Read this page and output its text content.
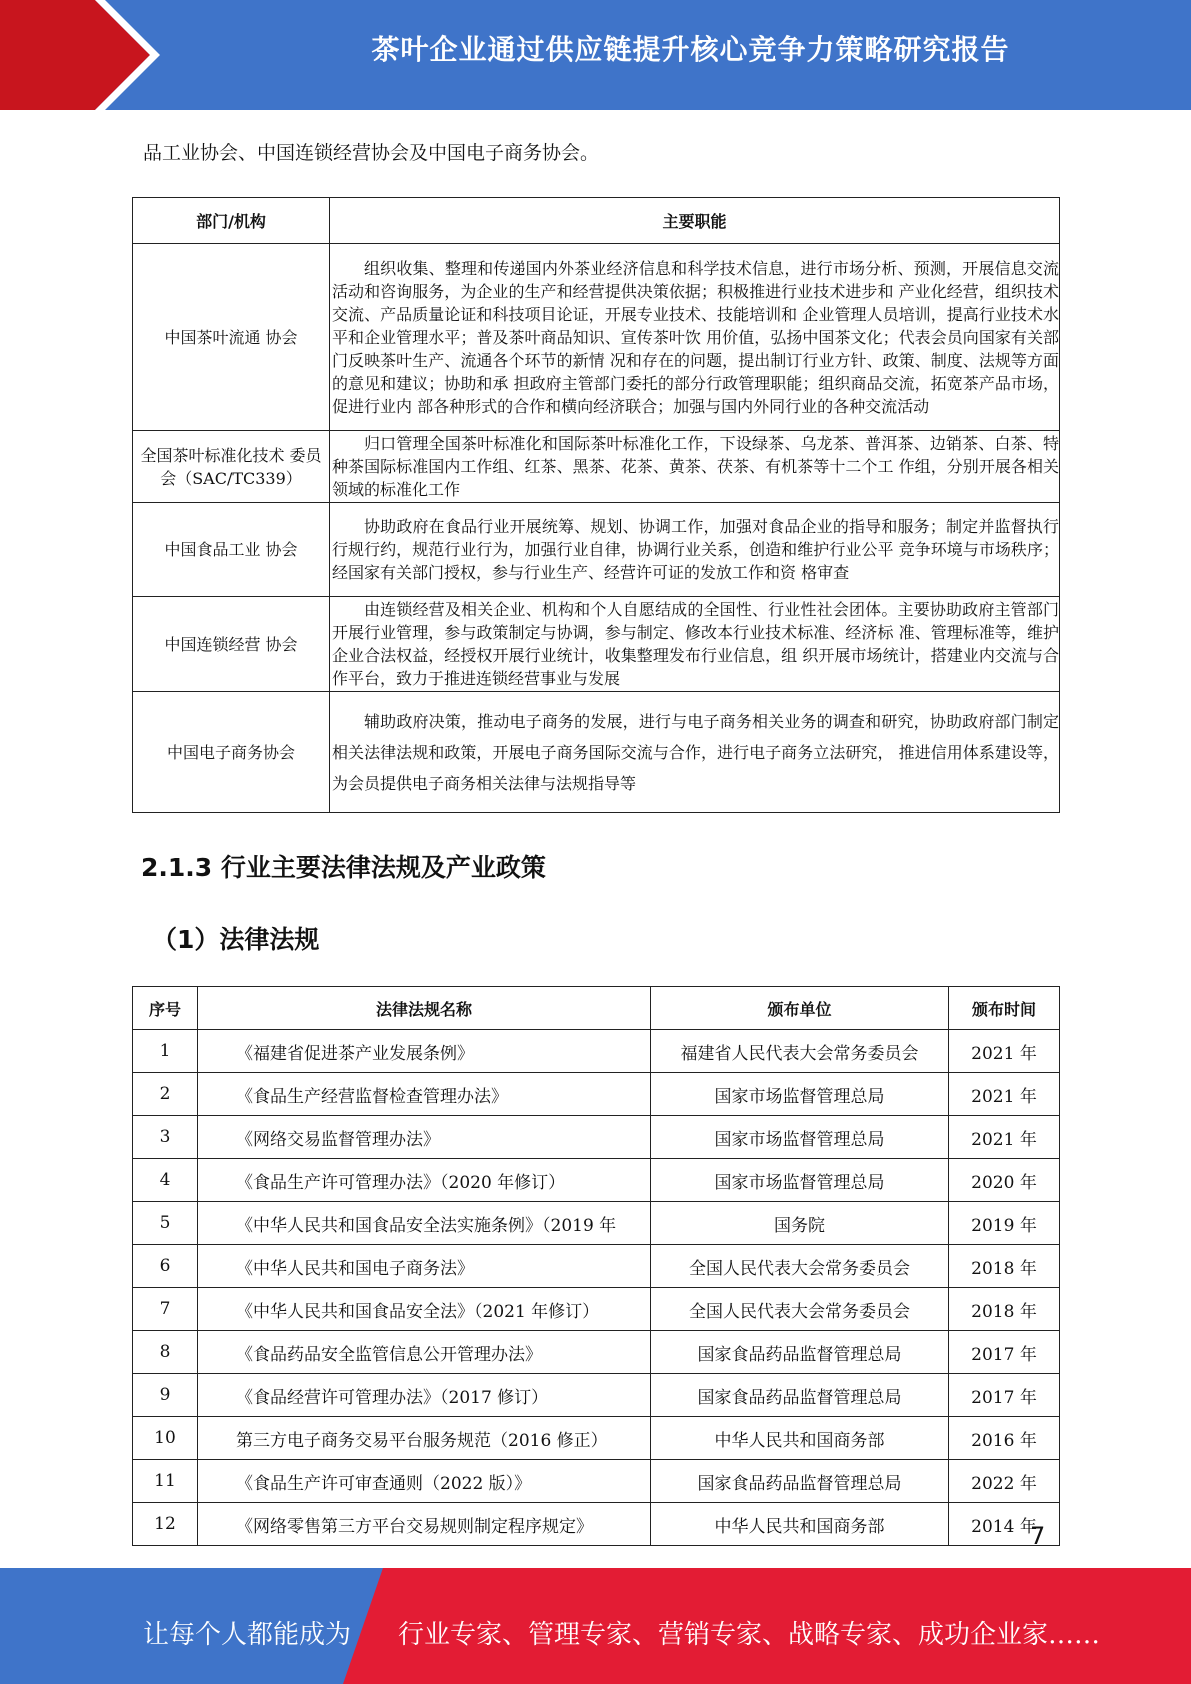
茶叶企业通过供应链提升核心竞争力策略研究报告
品工业协会、中国连锁经营协会及中国电子商务协会。
部门/机构	主要职能
中国茶叶流通 协会	组织收集、整理和传递国内外茶业经济信息和科学技术信息，进行市场分析、预测，开展信息交流活动和咨询服务，为企业的生产和经营提供决策依据；积极推进行业技术进步和 产业化经营，组织技术交流、产品质量论证和科技项目论证，开展专业技术、技能培训和 企业管理人员培训，提高行业技术水平和企业管理水平；普及茶叶商品知识、宣传茶叶饮 用价值，弘扬中国茶文化；代表会员向国家有关部门反映茶叶生产、流通各个环节的新情 况和存在的问题，提出制订行业方针、政策、制度、法规等方面的意见和建议；协助和承 担政府主管部门委托的部分行政管理职能；组织商品交流，拓宽茶产品市场，促进行业内 部各种形式的合作和横向经济联合；加强与国内外同行业的各种交流活动
全国茶叶标准化技术 委员会（SAC/TC339）	归口管理全国茶叶标准化和国际茶叶标准化工作，下设绿茶、乌龙茶、普洱茶、边销茶、白茶、特种茶国际标准国内工作组、红茶、黑茶、花茶、黄茶、茯茶、有机茶等十二个工 作组，分别开展各相关领域的标准化工作
中国食品工业 协会	协助政府在食品行业开展统筹、规划、协调工作，加强对食品企业的指导和服务；制定并监督执行行规行约，规范行业行为，加强行业自律，协调行业关系，创造和维护行业公平 竞争环境与市场秩序；经国家有关部门授权，参与行业生产、经营许可证的发放工作和资 格审查
中国连锁经营 协会	由连锁经营及相关企业、机构和个人自愿结成的全国性、行业性社会团体。主要协助政府主管部门开展行业管理，参与政策制定与协调，参与制定、修改本行业技术标准、经济标 准、管理标准等，维护企业合法权益，经授权开展行业统计，收集整理发布行业信息，组 织开展市场统计，搭建业内交流与合作平台，致力于推进连锁经营事业与发展
中国电子商务协会	辅助政府决策，推动电子商务的发展，进行与电子商务相关业务的调查和研究，协助政府部门制定相关法律法规和政策，开展电子商务国际交流与合作，进行电子商务立法研究， 推进信用体系建设等，为会员提供电子商务相关法律与法规指导等
2.1.3 行业主要法律法规及产业政策
（1）法律法规
序号	法律法规名称	颁布单位	颁布时间
1	《福建省促进茶产业发展条例》	福建省人民代表大会常务委员会	2021 年
2	《食品生产经营监督检查管理办法》	国家市场监督管理总局	2021 年
3	《网络交易监督管理办法》	国家市场监督管理总局	2021 年
4	《食品生产许可管理办法》（2020 年修订）	国家市场监督管理总局	2020 年
5	《中华人民共和国食品安全法实施条例》（2019 年	国务院	2019 年
6	《中华人民共和国电子商务法》	全国人民代表大会常务委员会	2018 年
7	《中华人民共和国食品安全法》（2021 年修订）	全国人民代表大会常务委员会	2018 年
8	《食品药品安全监管信息公开管理办法》	国家食品药品监督管理总局	2017 年
9	《食品经营许可管理办法》（2017 修订）	国家食品药品监督管理总局	2017 年
10	第三方电子商务交易平台服务规范（2016 修正）	中华人民共和国商务部	2016 年
11	《食品生产许可审查通则（2022 版）》	国家食品药品监督管理总局	2022 年
12	《网络零售第三方平台交易规则制定程序规定》	中华人民共和国商务部	2014 年
7
让每个人都能成为 行业专家、管理专家、营销专家、战略专家、成功企业家……
